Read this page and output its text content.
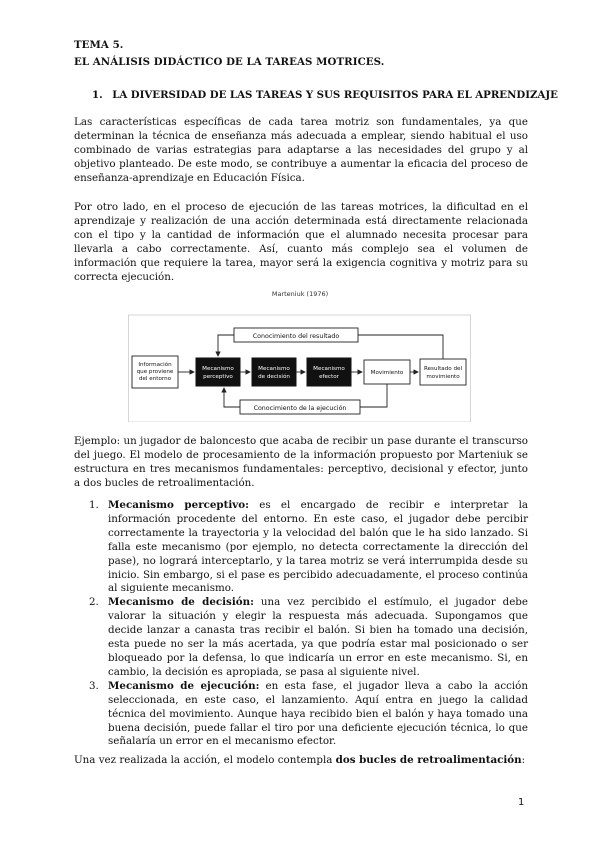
TEMA 5.
EL ANÁLISIS DIDÁCTICO DE LA TAREAS MOTRICES.
1. LA DIVERSIDAD DE LAS TAREAS Y SUS REQUISITOS PARA EL APRENDIZAJE
Las características específicas de cada tarea motriz son fundamentales, ya que determinan la técnica de enseñanza más adecuada a emplear, siendo habitual el uso combinado de varias estrategias para adaptarse a las necesidades del grupo y al objetivo planteado. De este modo, se contribuye a aumentar la eficacia del proceso de enseñanza-aprendizaje en Educación Física.
Por otro lado, en el proceso de ejecución de las tareas motrices, la dificultad en el aprendizaje y realización de una acción determinada está directamente relacionada con el tipo y la cantidad de información que el alumnado necesita procesar para llevarla a cabo correctamente. Así, cuanto más complejo sea el volumen de información que requiere la tarea, mayor será la exigencia cognitiva y motriz para su correcta ejecución.
Marteniuk (1976)
Conocimiento del resultado
Conocimiento de la ejecución
Información
que proviene
del entorno
Mecanismo
perceptivo
Mecanismo
de decisión
Mecanismo
efector
Movimiento
Resultado del
movimiento
Ejemplo: un jugador de baloncesto que acaba de recibir un pase durante el transcurso del juego. El modelo de procesamiento de la información propuesto por Marteniuk se estructura en tres mecanismos fundamentales: perceptivo, decisional y efector, junto a dos bucles de retroalimentación.
1. Mecanismo perceptivo: es el encargado de recibir e interpretar la información procedente del entorno. En este caso, el jugador debe percibir correctamente la trayectoria y la velocidad del balón que le ha sido lanzado. Si falla este mecanismo (por ejemplo, no detecta correctamente la dirección del pase), no logrará interceptarlo, y la tarea motriz se verá interrumpida desde su inicio. Sin embargo, si el pase es percibido adecuadamente, el proceso continúa al siguiente mecanismo.
2. Mecanismo de decisión: una vez percibido el estímulo, el jugador debe valorar la situación y elegir la respuesta más adecuada. Supongamos que decide lanzar a canasta tras recibir el balón. Si bien ha tomado una decisión, esta puede no ser la más acertada, ya que podría estar mal posicionado o ser bloqueado por la defensa, lo que indicaría un error en este mecanismo. Si, en cambio, la decisión es apropiada, se pasa al siguiente nivel.
3. Mecanismo de ejecución: en esta fase, el jugador lleva a cabo la acción seleccionada, en este caso, el lanzamiento. Aquí entra en juego la calidad técnica del movimiento. Aunque haya recibido bien el balón y haya tomado una buena decisión, puede fallar el tiro por una deficiente ejecución técnica, lo que señalaría un error en el mecanismo efector.
Una vez realizada la acción, el modelo contempla dos bucles de retroalimentación:
1
